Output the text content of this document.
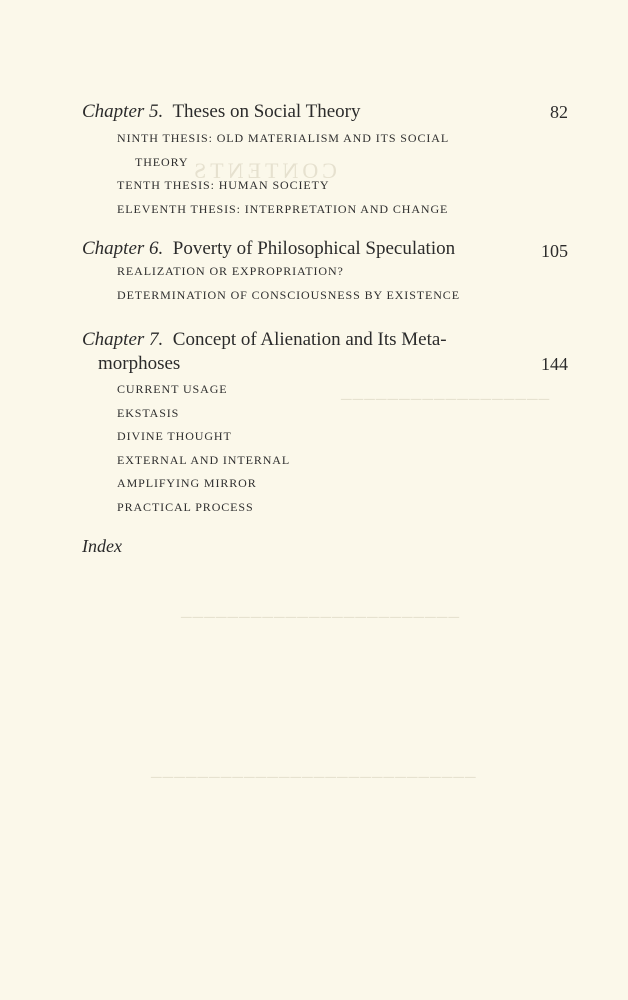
CONTENTS
──────────────────
────────────────────────
────────────────────────────
Chapter 5. Theses on Social Theory	82
NINTH THESIS: OLD MATERIALISM AND ITS SOCIAL
THEORY
TENTH THESIS: HUMAN SOCIETY
ELEVENTH THESIS: INTERPRETATION AND CHANGE
Chapter 6. Poverty of Philosophical Speculation	105
REALIZATION OR EXPROPRIATION?
DETERMINATION OF CONSCIOUSNESS BY EXISTENCE
Chapter 7. Concept of Alienation and Its Meta-
morphoses	144
CURRENT USAGE
EKSTASIS
DIVINE THOUGHT
EXTERNAL AND INTERNAL
AMPLIFYING MIRROR
PRACTICAL PROCESS
Index
